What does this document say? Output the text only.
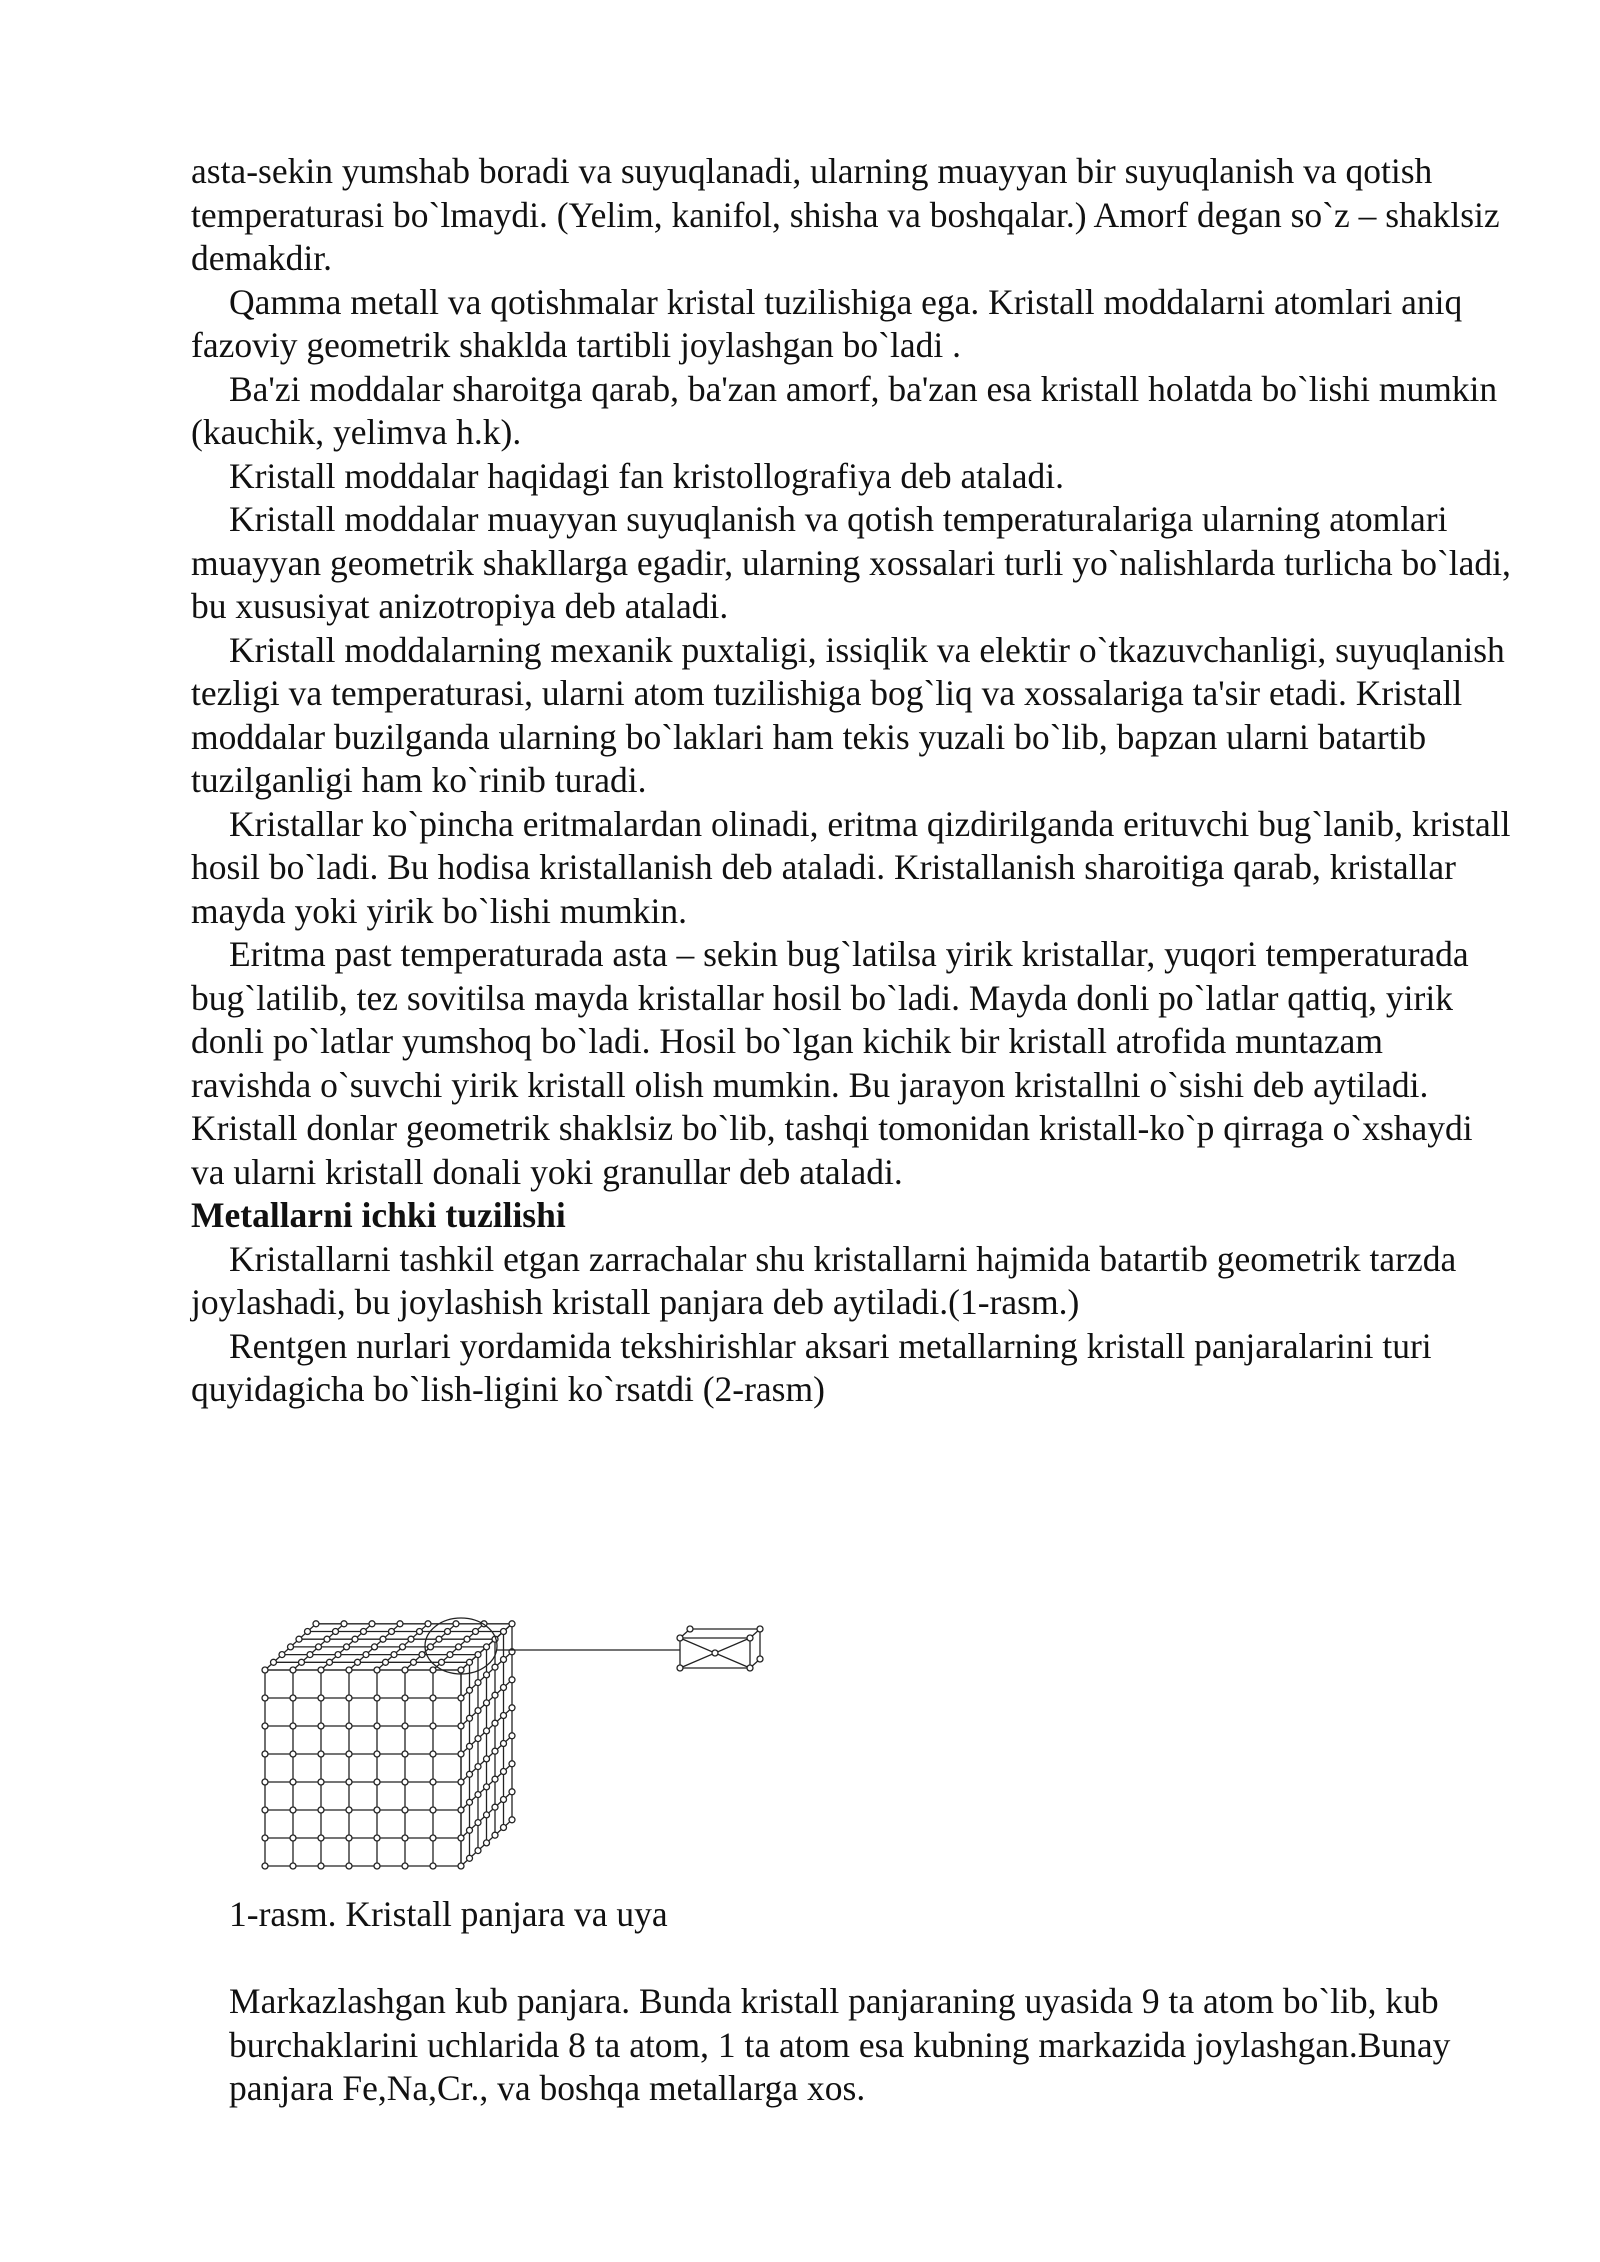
asta-sekin yumshab boradi va suyuqlanadi, ularning muayyan bir suyuqlanish va qotish temperaturasi bo`lmaydi. (Yelim, kanifol, shisha va boshqalar.) Amorf degan so`z – shaklsiz demakdir.

Qamma metall va qotishmalar kristal tuzilishiga ega. Kristall moddalarni atomlari aniq fazoviy geometrik shakldа tartibli joylashgan bo`ladi .

Ba'zi moddalar sharoitga qarab, ba'zan amorf, ba'zan esa kristall holatda bo`lishi mumkin (kauchik, yelimva h.k).

Kristall moddalar haqidagi fan kristollografiya deb ataladi.

Kristall moddalar muayyan suyuqlanish va qotish temperaturalariga ularning atomlari muayyan geometrik shakllarga egadir, ularning xossalari turli yo`nalishlarda turlicha bo`ladi, bu xususiyat anizotropiya deb ataladi.

Kristall moddalarning mexanik puxtaligi, issiqlik va elektir o`tkazuvchanligi, suyuqlanish tezligi va temperaturasi, ularni atom tuzilishiga bog`liq va xossalariga ta'sir etadi. Kristall moddalar buzilganda ularning bo`laklari ham tekis yuzali bo`lib, bapzan ularni batartib tuzilganligi ham ko`rinib turadi.

Kristallar ko`pincha eritmalardan olinadi, eritma qizdirilganda erituvchi bug`lanib, kristall hosil bo`ladi. Bu hodisa kristallanish deb ataladi. Kristallanish sharoitiga qarab, kristallar mayda yoki yirik bo`lishi mumkin.

Eritma past temperaturada asta – sekin bug`latilsa yirik kristallar, yuqori temperaturada bug`latilib, tez sovitilsa mayda kristallar hosil bo`ladi. Mayda donli po`latlar qattiq, yirik donli po`latlar yumshoq bo`ladi. Hosil bo`lgan kichik bir kristall atrofida muntazam ravishda o`suvchi yirik kristall olish mumkin. Bu jarayon kristallni o`sishi deb aytiladi. Kristall donlar geometrik shaklsiz bo`lib, tashqi tomonidan kristall-ko`p qirraga o`xshaydi va ularni kristall donali yoki granullar deb ataladi.

Metallarni ichki tuzilishi

Kristallarni tashkil etgan zarrachalar shu kristallarni hajmida batartib geometrik tarzda joylashadi, bu joylashish kristall panjara deb aytiladi.(1-rasm.)

Rentgen nurlari yordamida tekshirishlar aksari metallarning kristall panjaralarini turi quyidagicha bo`lish-ligini ko`rsatdi (2-rasm)

1-rasm. Kristall panjara va uya

Markazlashgan kub panjara. Bunda kristall panjaraning uyasida 9 ta atom bo`lib, kub burchaklarini uchlarida 8 ta atom, 1 ta atom esa kubning markazida joylashgan.Bunay panjara Fe,Na,Cr., va boshqa metallarga xos.
